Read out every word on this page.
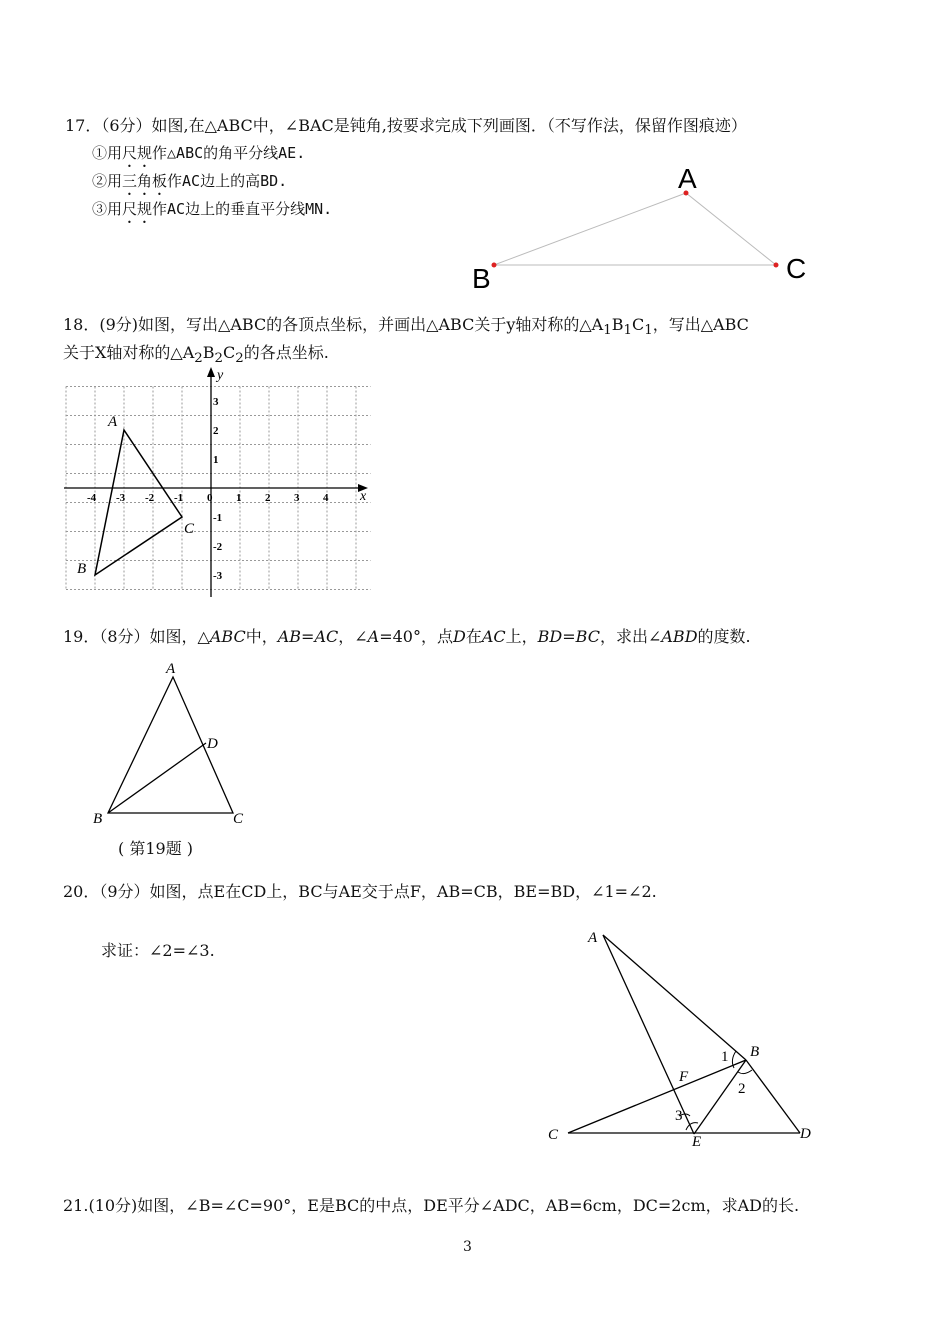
17．（6分）如图,在△ABC中，∠BAC是钝角,按要求完成下列画图．（不写作法，保留作图痕迹）
①用尺规作△ABC的角平分线AE.
②用三角板作AC边上的高BD.
③用尺规作AC边上的垂直平分线MN.
A
B	C
18．(9分)如图，写出△ABC的各顶点坐标，并画出△ABC关于y轴对称的$\triangle A_1B_1C_1$，写出△ABC
关于X轴对称的$\triangle A_2B_2C_2$的各点坐标.
x
y
-4 -3 -2 -1 0 1 2 3 4
3
2
1
-1
-2
-3
A
B
C
19．（8分）如图，△ABC中，AB=AC，∠A=40°，点D在AC上，BD=BC，求出∠ABD的度数.
A
B	C
D
( 第19题 )
20．（9分）如图，点E在CD上，BC与AE交于点F，AB=CB，BE=BD，∠1=∠2.
求证：∠2=∠3.
A
B
C	D
E
F
1
2
3
21.(10分)如图，∠B=∠C=90°，E是BC的中点，DE平分∠ADC，AB=6cm，DC=2cm，求AD的长.
3
